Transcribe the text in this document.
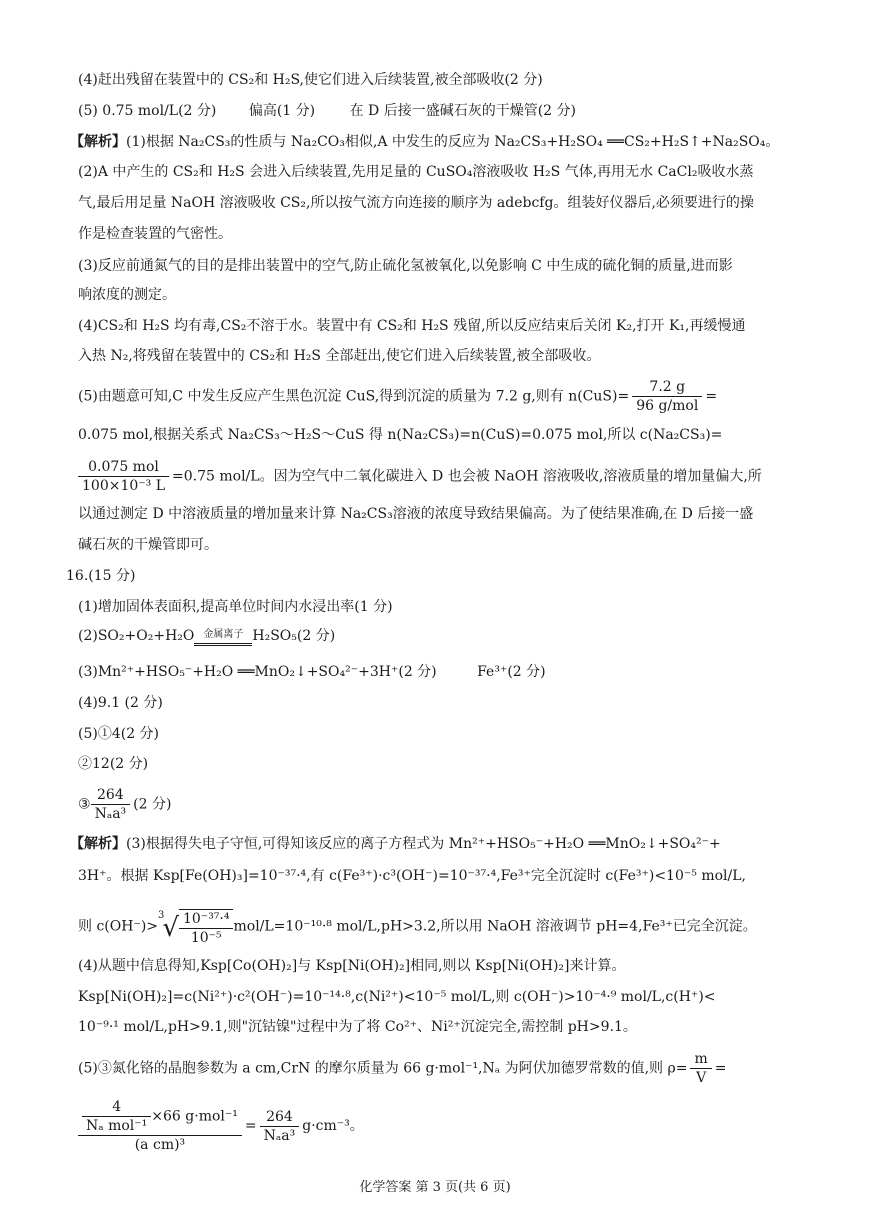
(4)赶出残留在装置中的 CS₂和 H₂S,使它们进入后续装置,被全部吸收(2 分)
(5) 0.75 mol/L(2 分) 偏高(1 分) 在 D 后接一盛碱石灰的干燥管(2 分)
【解析】(1)根据 Na₂CS₃的性质与 Na₂CO₃相似,A 中发生的反应为 Na₂CS₃+H₂SO₄ ══CS₂+H₂S↑+Na₂SO₄。
(2)A 中产生的 CS₂和 H₂S 会进入后续装置,先用足量的 CuSO₄溶液吸收 H₂S 气体,再用无水 CaCl₂吸收水蒸
气,最后用足量 NaOH 溶液吸收 CS₂,所以按气流方向连接的顺序为 adebcfg。组装好仪器后,必须要进行的操
作是检查装置的气密性。
(3)反应前通氮气的目的是排出装置中的空气,防止硫化氢被氧化,以免影响 C 中生成的硫化铜的质量,进而影
响浓度的测定。
(4)CS₂和 H₂S 均有毒,CS₂不溶于水。装置中有 CS₂和 H₂S 残留,所以反应结束后关闭 K₂,打开 K₁,再缓慢通
入热 N₂,将残留在装置中的 CS₂和 H₂S 全部赶出,使它们进入后续装置,被全部吸收。
(5)由题意可知,C 中发生反应产生黑色沉淀 CuS,得到沉淀的质量为 7.2 g,则有 $n(CuS)= \frac{7.2 g}{\text{96 g/mol}}$ =
0.075 mol,根据关系式 Na₂CS₃～H₂S～CuS 得 n(Na₂CS₃)=n(CuS)=0.075 mol,所以 c(Na₂CS₃)=
$\frac{\text{0.075 mol}}{\text{100×10⁻³ L}} =0.75$ mol/L。因为空气中二氧化碳进入 D 也会被 NaOH 溶液吸收,溶液质量的增加量偏大,所
以通过测定 D 中溶液质量的增加量来计算 Na₂CS₃溶液的浓度导致结果偏高。为了使结果准确,在 D 后接一盛
碱石灰的干燥管即可。
16.(15 分)
(1)增加固体表面积,提高单位时间内水浸出率(1 分)
(2)SO₂+O₂+H₂O 金属离子 H₂SO₅(2 分)
(3)Mn²⁺+HSO₅⁻+H₂O ══MnO₂↓+SO₄²⁻+3H⁺(2 分)	Fe³⁺(2 分)
(4)9.1 (2 分)
(5)①4(2 分)
②12(2 分)
③ $\frac{264}{\text{Nₐa³}} (2$ 分)
【解析】(3)根据得失电子守恒,可得知该反应的离子方程式为 Mn²⁺+HSO₅⁻+H₂O ══MnO₂↓+SO₄²⁻+
3H⁺。根据 Ksp[Fe(OH)₃]=10⁻³⁷·⁴,有 c(Fe³⁺)·c³(OH⁻)=10⁻³⁷·⁴,Fe³⁺完全沉淀时 c(Fe³⁺)<10⁻⁵ mol/L,
则 $c(OH^-)>^3√ \frac{\text{10⁻³⁷·⁴}}{\text{10⁻⁵}} mol/L=10^{-10}\cdot^8$ mol/L,pH>3.2,所以用 NaOH 溶液调节 pH=4,Fe³⁺已完全沉淀。
(4)从题中信息得知,Ksp[Co(OH)₂]与 Ksp[Ni(OH)₂]相同,则以 Ksp[Ni(OH)₂]来计算。
Ksp[Ni(OH)₂]=c(Ni²⁺)·c²(OH⁻)=10⁻¹⁴·⁸,c(Ni²⁺)<10⁻⁵ mol/L,则 c(OH⁻)>10⁻⁴·⁹ mol/L,c(H⁺)<
10⁻⁹·¹ mol/L,pH>9.1,则"沉钴镍"过程中为了将 Co²⁺、Ni²⁺沉淀完全,需控制 pH>9.1。
(5)③氮化铬的晶胞参数为 a cm,CrN 的摩尔质量为 66 g·mol⁻¹,Nₐ 为阿伏加德罗常数的值,则 $\rho= \frac{m}{V}$ =
$\frac{\frac{4}{\text{Nₐ mol⁻¹}} \times 66 g\cdot mol^{-1}}{\text{(a cm)³}} = \frac{264}{\text{Nₐa³}} g\cdot cm^{-3}$。
化学答案 第 3 页(共 6 页)
